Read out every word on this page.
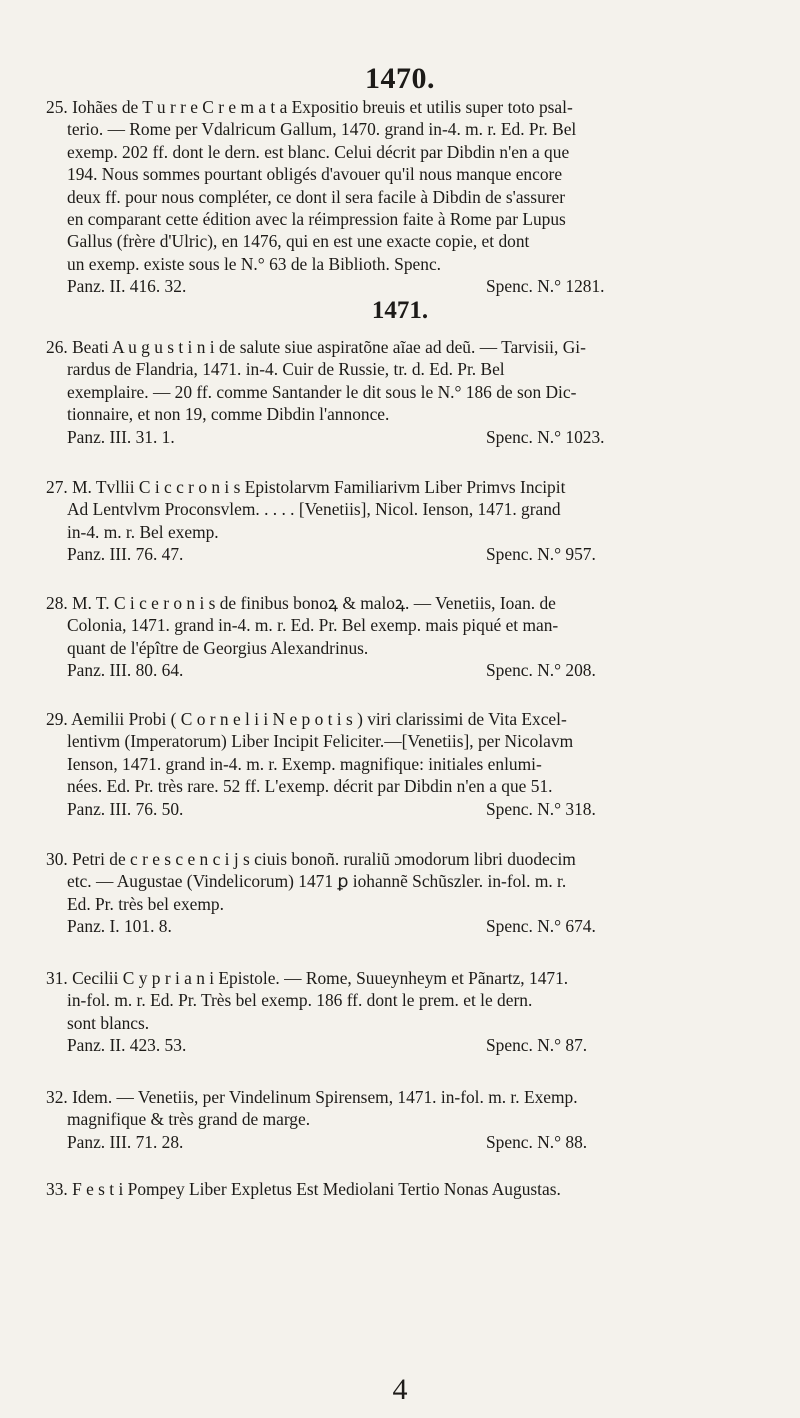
1470.
25. Iohães de T u r r e C r e m a t a Expositio breuis et utilis super toto psal-
terio. — Rome per Vdalricum Gallum, 1470. grand in-4. m. r. Ed. Pr. Bel
exemp. 202 ff. dont le dern. est blanc. Celui décrit par Dibdin n'en a que
194. Nous sommes pourtant obligés d'avouer qu'il nous manque encore
deux ff. pour nous compléter, ce dont il sera facile à Dibdin de s'assurer
en comparant cette édition avec la réimpression faite à Rome par Lupus
Gallus (frère d'Ulric), en 1476, qui en est une exacte copie, et dont
un exemp. existe sous le N.° 63 de la Biblioth. Spenc.
Panz. II. 416. 32.	Spenc. N.° 1281.
1471.
26. Beati A u g u s t i n i de salute siue aspiratõne aĩae ad deũ. — Tarvisii, Gi-
rardus de Flandria, 1471. in-4. Cuir de Russie, tr. d. Ed. Pr. Bel
exemplaire. — 20 ff. comme Santander le dit sous le N.° 186 de son Dic-
tionnaire, et non 19, comme Dibdin l'annonce.
Panz. III. 31. 1.	Spenc. N.° 1023.
27. M. Tvllii C i c c r o n i s Epistolarvm Familiarivm Liber Primvs Incipit
Ad Lentvlvm Proconsvlem. . . . . [Venetiis], Nicol. Ienson, 1471. grand
in-4. m. r. Bel exemp.
Panz. III. 76. 47.	Spenc. N.° 957.
28. M. T. C i c e r o n i s de finibus bonoꝝ & maloꝝ. — Venetiis, Ioan. de
Colonia, 1471. grand in-4. m. r. Ed. Pr. Bel exemp. mais piqué et man-
quant de l'épître de Georgius Alexandrinus.
Panz. III. 80. 64.	Spenc. N.° 208.
29. Aemilii Probi ( C o r n e l i i N e p o t i s ) viri clarissimi de Vita Excel-
lentivm (Imperatorum) Liber Incipit Feliciter.—[Venetiis], per Nicolavm
Ienson, 1471. grand in-4. m. r. Exemp. magnifique: initiales enlumi-
nées. Ed. Pr. très rare. 52 ff. L'exemp. décrit par Dibdin n'en a que 51.
Panz. III. 76. 50.	Spenc. N.° 318.
30. Petri de c r e s c e n c i j s ciuis bonoñ. ruraliũ ɔmodorum libri duodecim
etc. — Augustae (Vindelicorum) 1471 ꝑ iohannẽ Schũszler. in-fol. m. r.
Ed. Pr. très bel exemp.
Panz. I. 101. 8.	Spenc. N.° 674.
31. Cecilii C y p r i a n i Epistole. — Rome, Suueynheym et Pãnartz, 1471.
in-fol. m. r. Ed. Pr. Très bel exemp. 186 ff. dont le prem. et le dern.
sont blancs.
Panz. II. 423. 53.	Spenc. N.° 87.
32. Idem. — Venetiis, per Vindelinum Spirensem, 1471. in-fol. m. r. Exemp.
magnifique & très grand de marge.
Panz. III. 71. 28.	Spenc. N.° 88.
33. F e s t i Pompey Liber Expletus Est Mediolani Tertio Nonas Augustas.
4
